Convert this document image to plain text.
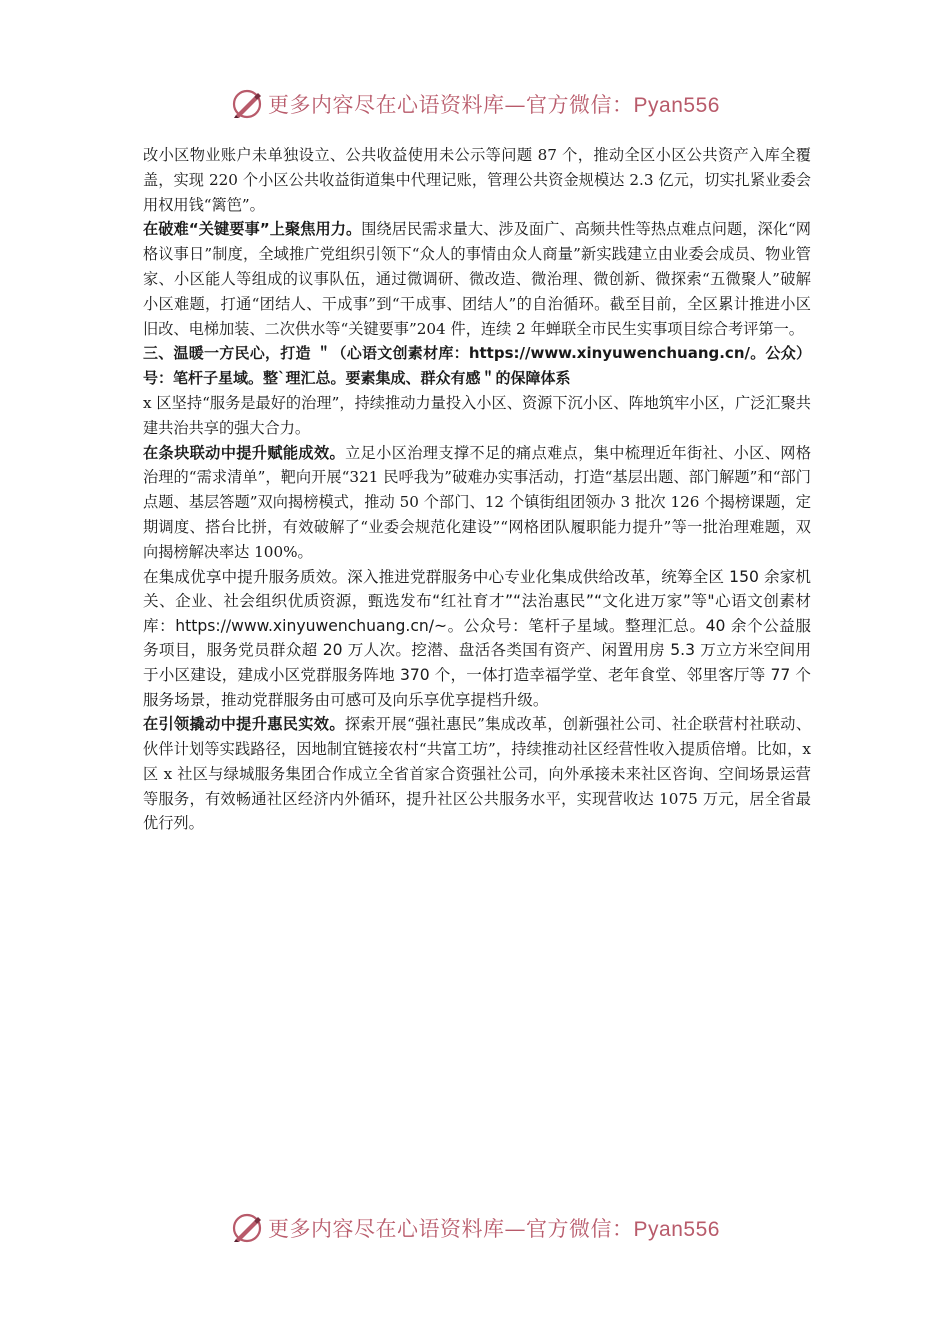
更多内容尽在心语资料库—官方微信：Pyan556

改小区物业账户未单独设立、公共收益使用未公示等问题 87 个，推动全区小区公共资产入库全覆盖，实现 220 个小区公共收益街道集中代理记账，管理公共资金规模达 2.3 亿元，切实扎紧业委会用权用钱“篱笆”。

在破难“关键要事”上聚焦用力。围绕居民需求量大、涉及面广、高频共性等热点难点问题，深化“网格议事日”制度，全域推广党组织引领下“众人的事情由众人商量”新实践建立由业委会成员、物业管家、小区能人等组成的议事队伍，通过微调研、微改造、微治理、微创新、微探索“五微聚人”破解小区难题，打通“团结人、干成事”到“干成事、团结人”的自治循环。截至目前，全区累计推进小区旧改、电梯加装、二次供水等“关键要事”204 件，连续 2 年蝉联全市民生实事项目综合考评第一。

三、温暖一方民心，打造 ＂（心语文创素材库：https://www.xinyuwenchuang.cn/。公众）号：笔杆子星域。整`理汇总。要素集成、群众有感＂的保障体系

x 区坚持“服务是最好的治理”，持续推动力量投入小区、资源下沉小区、阵地筑牢小区，广泛汇聚共建共治共享的强大合力。

在条块联动中提升赋能成效。立足小区治理支撑不足的痛点难点，集中梳理近年街社、小区、网格治理的“需求清单”，靶向开展“321 民呼我为”破难办实事活动，打造“基层出题、部门解题”和“部门点题、基层答题”双向揭榜模式，推动 50 个部门、12 个镇街组团领办 3 批次 126 个揭榜课题，定期调度、搭台比拼，有效破解了“业委会规范化建设”“网格团队履职能力提升”等一批治理难题，双向揭榜解决率达 100%。

在集成优享中提升服务质效。深入推进党群服务中心专业化集成供给改革，统筹全区 150 余家机关、企业、社会组织优质资源，甄选发布“红社育才”“法治惠民”“文化进万家”等"心语文创素材库：https://www.xinyuwenchuang.cn/~。公众号：笔杆子星域。整理汇总。40 余个公益服务项目，服务党员群众超 20 万人次。挖潜、盘活各类国有资产、闲置用房 5.3 万立方米空间用于小区建设，建成小区党群服务阵地 370 个，一体打造幸福学堂、老年食堂、邻里客厅等 77 个服务场景，推动党群服务由可感可及向乐享优享提档升级。

在引领撬动中提升惠民实效。探索开展“强社惠民”集成改革，创新强社公司、社企联营村社联动、伙伴计划等实践路径，因地制宜链接农村“共富工坊”，持续推动社区经营性收入提质倍增。比如，x 区 x 社区与绿城服务集团合作成立全省首家合资强社公司，向外承接未来社区咨询、空间场景运营等服务，有效畅通社区经济内外循环，提升社区公共服务水平，实现营收达 1075 万元，居全省最优行列。

更多内容尽在心语资料库—官方微信：Pyan556
